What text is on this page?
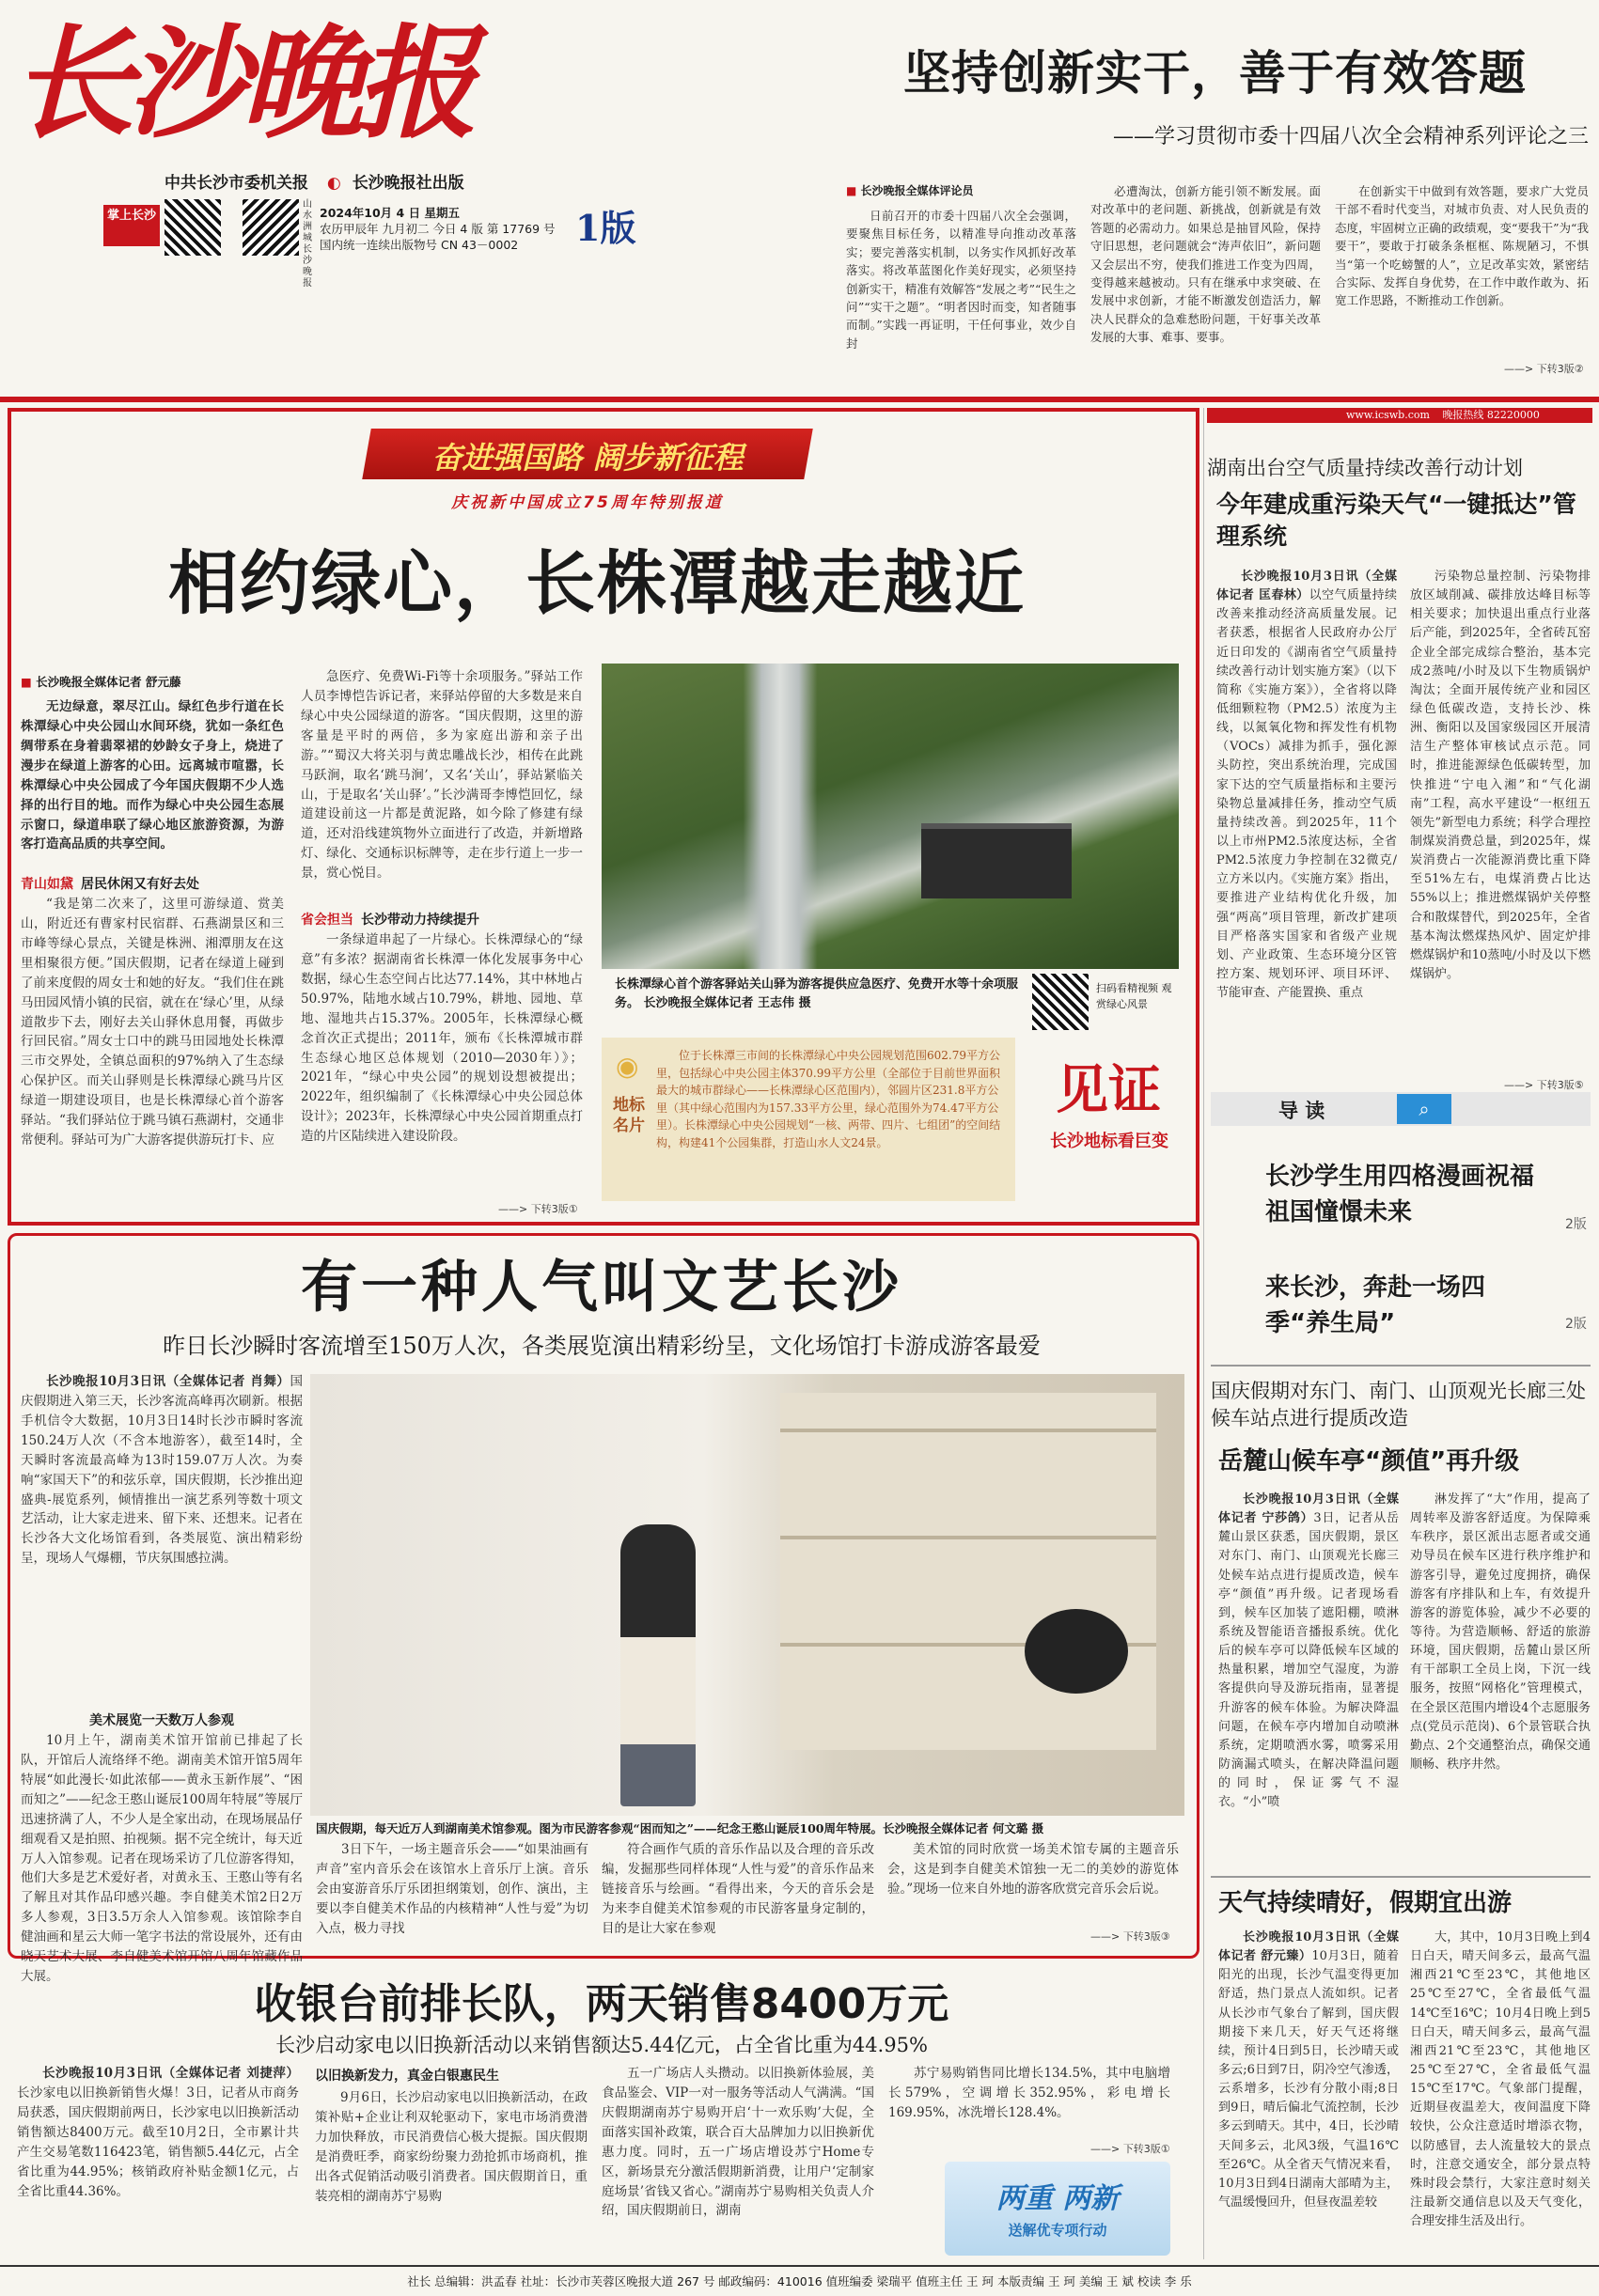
长沙晚报
中共长沙市委机关报 ◐ 长沙晚报社出版
掌上长沙
山水洲城 长沙晚报
2024年10月 4 日 星期五
农历甲辰年 九月初二 今日 4 版 第 17769 号
国内统一连续出版物号 CN 43－0002	1版
坚持创新实干，善于有效答题
——学习贯彻市委十四届八次全会精神系列评论之三
■ 长沙晚报全媒体评论员

日前召开的市委十四届八次全会强调，要聚焦目标任务，以精准导向推动改革落实；要完善落实机制，以务实作风抓好改革落实。将改革蓝图化作美好现实，必须坚持创新实干，精准有效解答“发展之考”“民生之问”“实干之题”。“明者因时而变，知者随事而制。”实践一再证明，干任何事业，效少自封

必遭淘汰，创新方能引领不断发展。面对改革中的老问题、新挑战，创新就是有效答题的必需动力。如果总是抽冒风险，保持守旧思想，老问题就会“涛声依旧”，新问题又会层出不穷，使我们推进工作变为四周，变得越来越被动。只有在继承中求突破、在发展中求创新，才能不断激发创造活力，解决人民群众的急难愁盼问题，干好事关改革发展的大事、难事、要事。

在创新实干中做到有效答题，要求广大党员干部不看时代变当，对城市负责、对人民负责的态度，牢固树立正确的政绩观，变“要我干”为“我要干”，要敢于打破条条框框、陈规陋习，不惧当“第一个吃螃蟹的人”，立足改革实效，紧密结合实际、发挥自身优势，在工作中敢作敢为、拓宽工作思路，不断推动工作创新。

——> 下转3版②
奋进强国路 阔步新征程
庆祝新中国成立75周年特别报道
相约绿心，长株潭越走越近
■ 长沙晚报全媒体记者 舒元藤

无边绿意，翠尽江山。绿红色步行道在长株潭绿心中央公园山水间环绕，犹如一条红色绸带系在身着翡翠裙的妙龄女子身上，烧进了漫步在绿道上游客的心田。远离城市喧嚣，长株潭绿心中央公园成了今年国庆假期不少人选择的出行目的地。而作为绿心中央公园生态展示窗口，绿道串联了绿心地区旅游资源，为游客打造高品质的共享空间。

青山如黛 居民休闲又有好去处

“我是第二次来了，这里可游绿道、赏美山，附近还有曹家村民宿群、石燕湖景区和三市峰等绿心景点，关键是株洲、湘潭朋友在这里相聚很方便。”国庆假期，记者在绿道上碰到了前来度假的周女士和她的好友。“我们住在跳马田园风情小镇的民宿，就在在‘绿心’里，从绿道散步下去，刚好去关山驿休息用餐，再做步行回民宿。”周女士口中的跳马田园地处长株潭三市交界处，全镇总面积的97%纳入了生态绿心保护区。而关山驿则是长株潭绿心跳马片区绿道一期建设项目，也是长株潭绿心首个游客驿站。“我们驿站位于跳马镇石燕湖村，交通非常便利。驿站可为广大游客提供游玩打卡、应

急医疗、免费Wi-Fi等十余项服务。”驿站工作人员李博恺告诉记者，来驿站停留的大多数是来自绿心中央公园绿道的游客。“国庆假期，这里的游客量是平时的两倍，多为家庭出游和亲子出游。”“蜀汉大将关羽与黄忠雕战长沙，相传在此跳马跃涧，取名‘跳马涧’，又名‘关山’，驿站紧临关山，于是取名‘关山驿’。”长沙满哥李博恺回忆，绿道建设前这一片都是黄泥路，如今除了修建有绿道，还对沿线建筑物外立面进行了改造，并新增路灯、绿化、交通标识标牌等，走在步行道上一步一景，赏心悦目。

省会担当 长沙带动力持续提升

一条绿道串起了一片绿心。长株潭绿心的“绿意”有多浓？据湖南省长株潭一体化发展事务中心数据，绿心生态空间占比达77.14%，其中林地占50.97%，陆地水域占10.79%，耕地、园地、草地、湿地共占15.37%。2005年，长株潭绿心概念首次正式提出；2011年，颁布《长株潭城市群生态绿心地区总体规划（2010—2030年）》；2021年，“绿心中央公园”的规划设想被提出；2022年，组织编制了《长株潭绿心中央公园总体设计》；2023年，长株潭绿心中央公园首期重点打造的片区陆续进入建设阶段。

——> 下转3版①
长株潭绿心首个游客驿站关山驿为游客提供应急医疗、免费开水等十余项服务。 长沙晚报全媒体记者 王志伟 摄
扫码看精视频 观赏绿心风景
◉
地标名片
位于长株潭三市间的长株潭绿心中央公园规划范围602.79平方公里，包括绿心中央公园主体370.99平方公里（全部位于目前世界面积最大的城市群绿心——长株潭绿心区范围内），邻圆片区231.8平方公里（其中绿心范围内为157.33平方公里，绿心范围外为74.47平方公里）。长株潭绿心中央公园规划“一核、两带、四片、七组团”的空间结构，构建41个公园集群，打造山水人文24景。
见证
长沙地标看巨变
有一种人气叫文艺长沙
昨日长沙瞬时客流增至150万人次，各类展览演出精彩纷呈，文化场馆打卡游成游客最爱

长沙晚报10月3日讯（全媒体记者 肖舞）国庆假期进入第三天，长沙客流高峰再次刷新。根据手机信令大数据，10月3日14时长沙市瞬时客流150.24万人次（不含本地游客），截至14时，全天瞬时客流最高峰为13时159.07万人次。为奏响“家国天下”的和弦乐章，国庆假期，长沙推出迎盛典-展览系列，倾情推出一演艺系列等数十项文艺活动，让大家走进来、留下来、还想来。记者在长沙各大文化场馆看到，各类展览、演出精彩纷呈，现场人气爆棚，节庆氛围感拉满。

美术展览一天数万人参观

10月上午，湖南美术馆开馆前已排起了长队，开馆后人流络绎不绝。湖南美术馆开馆5周年特展“如此漫长·如此浓郁——黄永玉新作展”、“困而知之”——纪念王憨山诞辰100周年特展”等展厅迅速挤满了人，不少人是全家出动，在现场展品仔细观看又是拍照、拍视频。据不完全统计，每天近万人入馆参观。记者在现场采访了几位游客得知，他们大多是艺术爱好者，对黄永玉、王憨山等有名了解且对其作品印感兴趣。李自健美术馆2日2万多人参观，3日3.5万余人入馆参观。该馆除李自健油画和星云大师一笔字书法的常设展外，还有由晓天艺术大展、李自健美术馆开馆八周年馆藏作品大展。

国庆假期，每天近万人到湖南美术馆参观。图为市民游客参观“困而知之”——纪念王憨山诞辰100周年特展。长沙晚报全媒体记者 何文璐 摄

3日下午，一场主题音乐会——“如果油画有声音”室内音乐会在该馆水上音乐厅上演。音乐会由宴游音乐厅乐团担纲策划，创作、演出，主要以李自健美术作品的内核精神“人性与爱”为切入点，极力寻找

符合画作气质的音乐作品以及合理的音乐改编，发掘那些同样体现“人性与爱”的音乐作品来链接音乐与绘画。“看得出来，今天的音乐会是为来李自健美术馆参观的市民游客量身定制的，目的是让大家在参观

美术馆的同时欣赏一场美术馆专属的主题音乐会，这是到李自健美术馆独一无二的美妙的游览体验。”现场一位来自外地的游客欣赏完音乐会后说。

——> 下转3版③
收银台前排长队，两天销售8400万元
长沙启动家电以旧换新活动以来销售额达5.44亿元，占全省比重为44.95%

长沙晚报10月3日讯（全媒体记者 刘捷萍）长沙家电以旧换新销售火爆！3日，记者从市商务局获悉，国庆假期前两日，长沙家电以旧换新活动销售额达8400万元。截至10月2日，全市累计共产生交易笔数116423笔，销售额5.44亿元，占全省比重为44.95%；核销政府补贴金额1亿元，占全省比重44.36%。

以旧换新发力，真金白银惠民生

9月6日，长沙启动家电以旧换新活动，在政策补贴+企业让利双轮驱动下，家电市场消费潜力加快释放，市民消费信心极大提振。国庆假期是消费旺季，商家纷纷聚力劲抢抓市场商机，推出各式促销活动吸引消费者。国庆假期首日，重装亮相的湖南苏宁易购

五一广场店人头攒动。以旧换新体验展，美食品鉴会、VIP一对一服务等活动人气满满。“国庆假期湖南苏宁易购开启‘十一欢乐购’大促，全面落实国补政策，联合百大品牌加力以旧换新优惠力度。同时，五一广场店增设苏宁Home专区，新场景充分激活假期新消费，让用户‘定制家庭场景’省钱又省心。”湖南苏宁易购相关负责人介绍，国庆假期前日，湖南

苏宁易购销售同比增长134.5%，其中电脑增长579%，空调增长352.95%，彩电增长169.95%，冰洗增长128.4%。

——> 下转3版①
两重 两新
送解优专项行动
www.icswb.com 晚报热线 82220000
湖南出台空气质量持续改善行动计划
今年建成重污染天气“一键抵达”管理系统

长沙晚报10月3日讯（全媒体记者 匡春林）以空气质量持续改善来推动经济高质量发展。记者获悉，根据省人民政府办公厅近日印发的《湖南省空气质量持续改善行动计划实施方案》（以下简称《实施方案》），全省将以降低细颗粒物（PM2.5）浓度为主线，以氮氧化物和挥发性有机物（VOCs）减排为抓手，强化源头防控，突出系统治理，完成国家下达的空气质量指标和主要污染物总量减排任务，推动空气质量持续改善。到2025年，11个以上市州PM2.5浓度达标，全省PM2.5浓度力争控制在32微克/立方米以内。《实施方案》指出，要推进产业结构优化升级，加强“两高”项目管理，新改扩建项目严格落实国家和省级产业规划、产业政策、生态环境分区管控方案、规划环评、项目环评、节能审查、产能置换、重点

污染物总量控制、污染物排放区域削减、碳排放达峰目标等相关要求；加快退出重点行业落后产能，到2025年，全省砖瓦窑企业全部完成综合整治，基本完成2蒸吨/小时及以下生物质锅炉淘汰；全面开展传统产业和园区绿色低碳改造，支持长沙、株洲、衡阳以及国家级园区开展清洁生产整体审核试点示范。同时，推进能源绿色低碳转型，加快推进“宁电入湘”和“气化湖南”工程，高水平建设“一枢纽五领先”新型电力系统；科学合理控制煤炭消费总量，到2025年，煤炭消费占一次能源消费比重下降至51%左右，电煤消费占比达55%以上；推进燃煤锅炉关停整合和散煤替代，到2025年，全省基本淘汰燃煤热风炉、固定炉排燃煤锅炉和10蒸吨/小时及以下燃煤锅炉。

——> 下转3版⑤
导 读	⌕
长沙学生用四格漫画祝福祖国憧憬未来	2版
来长沙，奔赴一场四季“养生局”	2版
国庆假期对东门、南门、山顶观光长廊三处候车站点进行提质改造
岳麓山候车亭“颜值”再升级

长沙晚报10月3日讯（全媒体记者 宁莎鸽）3日，记者从岳麓山景区获悉，国庆假期，景区对东门、南门、山顶观光长廊三处候车站点进行提质改造，候车亭“颜值”再升级。记者现场看到，候车区加装了遮阳棚，喷淋系统及智能语音播报系统。优化后的候车亭可以降低候车区域的热量积累，增加空气湿度，为游客提供向导及游玩指南，显著提升游客的候车体验。为解决降温问题，在候车亭内增加自动喷淋系统，定期喷洒水雾，喷雾采用防滴漏式喷头，在解决降温问题的同时，保证雾气不湿衣。“小”喷

淋发挥了“大”作用，提高了周转率及游客舒适度。为保障乘车秩序，景区派出志愿者或交通劝导员在候车区进行秩序维护和游客引导，避免过度拥挤，确保游客有序排队和上车，有效提升游客的游览体验，减少不必要的等待。为营造顺畅、舒适的旅游环境，国庆假期，岳麓山景区所有干部职工全员上岗，下沉一线服务，按照“网格化”管理模式，在全景区范围内增设4个志愿服务点(党员示范岗)、6个景管联合执勤点、2个交通整治点，确保交通顺畅、秩序井然。

天气持续晴好，假期宜出游

长沙晚报10月3日讯（全媒体记者 舒元臻）10月3日，随着阳光的出现，长沙气温变得更加舒适，热门景点人流如织。记者从长沙市气象台了解到，国庆假期接下来几天，好天气还将继续，预计4日到5日，长沙晴天或多云;6日到7日，阴冷空气渗透，云系增多，长沙有分散小雨;8日到9日，晴后偏北气流控制，长沙多云到晴天。其中，4日，长沙晴天间多云，北风3级，气温16℃至26℃。从全省天气情况来看，10月3日到4日湖南大部晴为主，气温缓慢回升，但昼夜温差较

大，其中，10月3日晚上到4日白天，晴天间多云，最高气温湘西21℃至23℃，其他地区25℃至27℃，全省最低气温14℃至16℃；10月4日晚上到5日白天，晴天间多云，最高气温湘西21℃至23℃，其他地区25℃至27℃，全省最低气温15℃至17℃。气象部门提醒，近期昼夜温差大，夜间温度下降较快，公众注意适时增添衣物，以防感冒，去人流量较大的景点时，注意交通安全，部分景点特殊时段会禁行，大家注意时刻关注最新交通信息以及天气变化，合理安排生活及出行。

社长 总编辑：洪孟春 社址：长沙市芙蓉区晚报大道 267 号 邮政编码：410016 值班编委 梁瑞平 值班主任 王 珂 本版责编 王 珂 美编 王 斌 校读 李 乐
